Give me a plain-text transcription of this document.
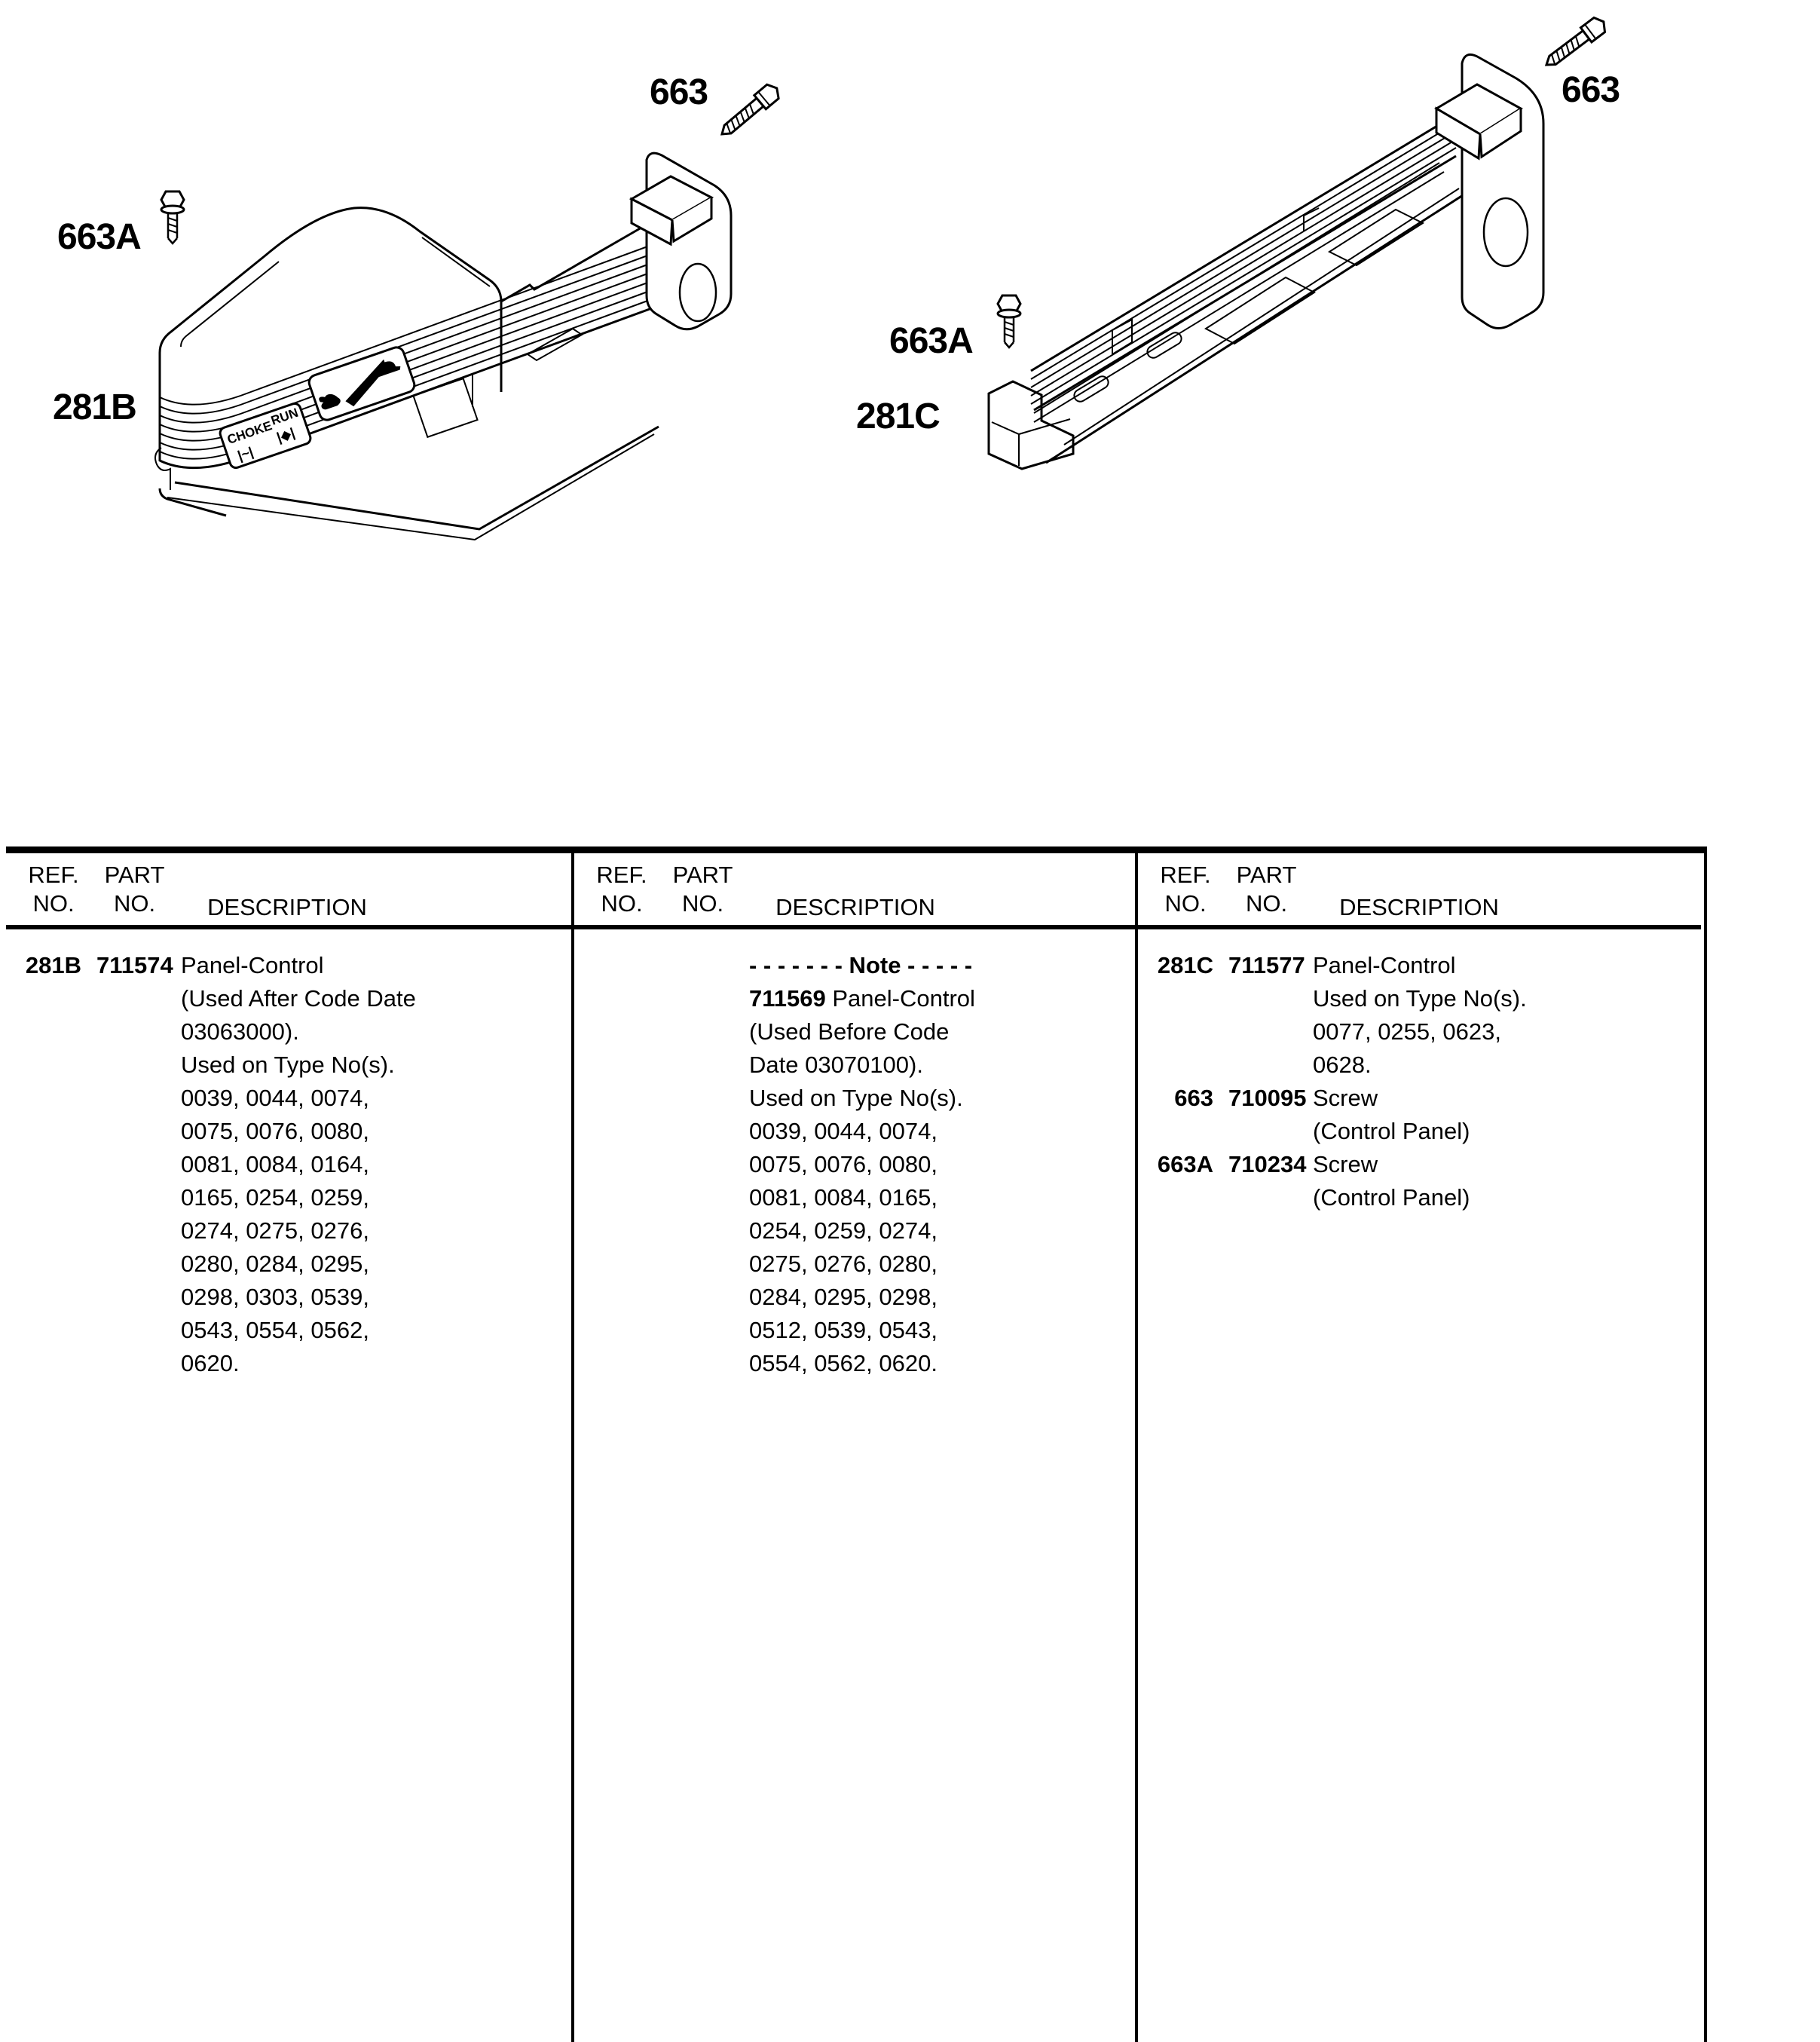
CHOKE
|~|
RUN
|◆|
663
663A
281B
663
663A
281C
REF.
NO.
PART
NO.	DESCRIPTION
281B 711574 Panel-Control
(Used After Code Date
03063000).
Used on Type No(s).
0039, 0044, 0074,
0075, 0076, 0080,
0081, 0084, 0164,
0165, 0254, 0259,
0274, 0275, 0276,
0280, 0284, 0295,
0298, 0303, 0539,
0543, 0554, 0562,
0620.
REF.
NO.
PART
NO.	DESCRIPTION
- - - - - - - Note - - - - -
711569 Panel-Control
(Used Before Code
Date 03070100).
Used on Type No(s).
0039, 0044, 0074,
0075, 0076, 0080,
0081, 0084, 0165,
0254, 0259, 0274,
0275, 0276, 0280,
0284, 0295, 0298,
0512, 0539, 0543,
0554, 0562, 0620.
REF.
NO.
PART
NO.	DESCRIPTION
281C 711577 Panel-Control
Used on Type No(s).
0077, 0255, 0623,
0628.
663 710095 Screw
(Control Panel)
663A 710234 Screw
(Control Panel)
